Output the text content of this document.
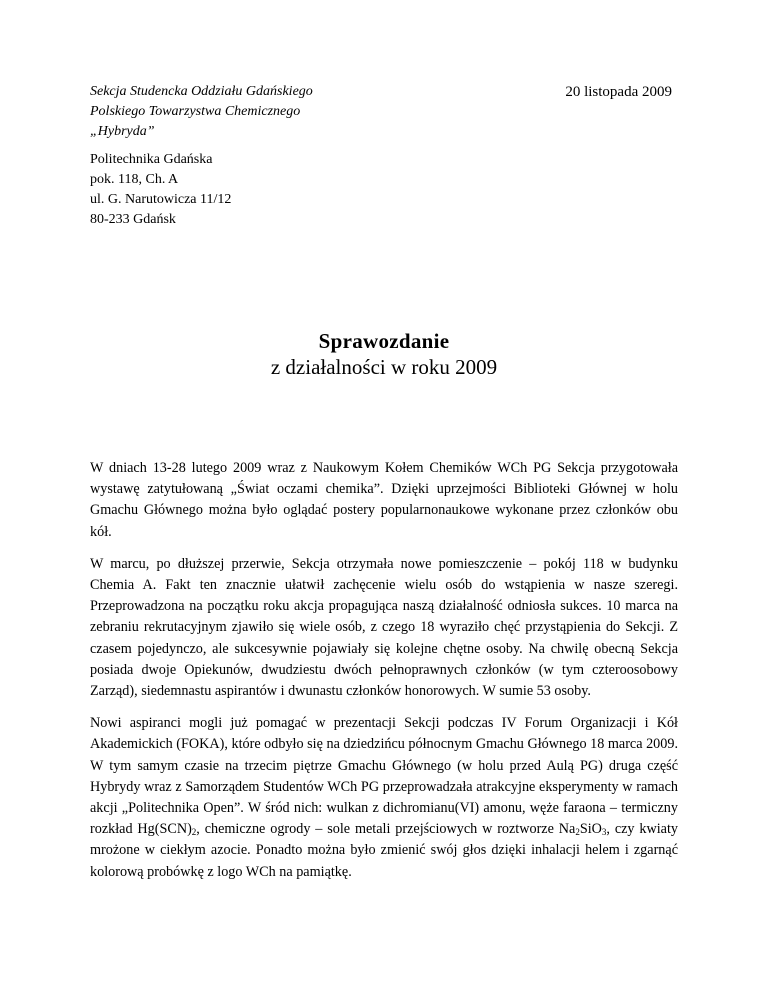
Sekcja Studencka Oddziału Gdańskiego
Polskiego Towarzystwa Chemicznego
„Hybryda”
20 listopada 2009
Politechnika Gdańska
pok. 118, Ch. A
ul. G. Narutowicza 11/12
80-233 Gdańsk
Sprawozdanie
z działalności w roku 2009

W dniach 13-28 lutego 2009 wraz z Naukowym Kołem Chemików WCh PG Sekcja przygotowała wystawę zatytułowaną „Świat oczami chemika”. Dzięki uprzejmości Biblioteki Głównej w holu Gmachu Głównego można było oglądać postery popularnonaukowe wykonane przez członków obu kół.

W marcu, po dłuższej przerwie, Sekcja otrzymała nowe pomieszczenie – pokój 118 w budynku Chemia A. Fakt ten znacznie ułatwił zachęcenie wielu osób do wstąpienia w nasze szeregi. Przeprowadzona na początku roku akcja propagująca naszą działalność odniosła sukces. 10 marca na zebraniu rekrutacyjnym zjawiło się wiele osób, z czego 18 wyraziło chęć przystąpienia do Sekcji. Z czasem pojedynczo, ale sukcesywnie pojawiały się kolejne chętne osoby. Na chwilę obecną Sekcja posiada dwoje Opiekunów, dwudziestu dwóch pełnoprawnych członków (w tym czteroosobowy Zarząd), siedemnastu aspirantów i dwunastu członków honorowych. W sumie 53 osoby.

Nowi aspiranci mogli już pomagać w prezentacji Sekcji podczas IV Forum Organizacji i Kół Akademickich (FOKA), które odbyło się na dziedzińcu północnym Gmachu Głównego 18 marca 2009. W tym samym czasie na trzecim piętrze Gmachu Głównego (w holu przed Aulą PG) druga część Hybrydy wraz z Samorządem Studentów WCh PG przeprowadzała atrakcyjne eksperymenty w ramach akcji „Politechnika Open”. W śród nich: wulkan z dichromianu(VI) amonu, węże faraona – termiczny rozkład $Hg(SCN)_2$, chemiczne ogrody – sole metali przejściowych w roztworze $Na_2SiO_3$, czy kwiaty mrożone w ciekłym azocie. Ponadto można było zmienić swój głos dzięki inhalacji helem i zgarnąć kolorową probówkę z logo WCh na pamiątkę.
